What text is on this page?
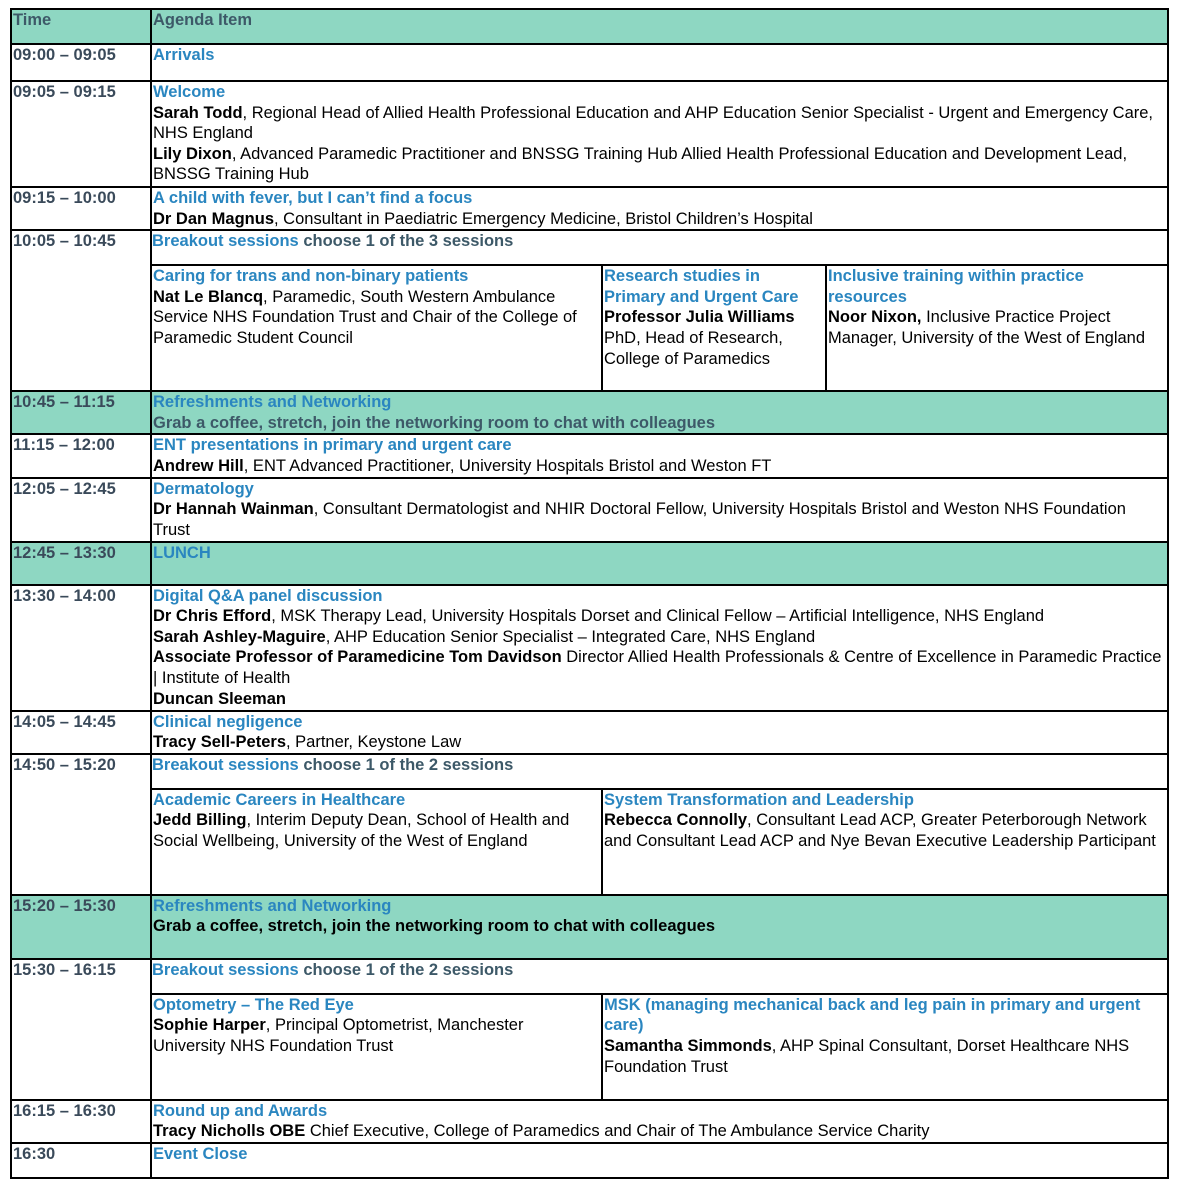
Time	Agenda Item
09:00 – 09:05	Arrivals

09:05 – 09:15	Welcome
Sarah Todd, Regional Head of Allied Health Professional Education and AHP Education Senior Specialist - Urgent and Emergency Care, NHS England
Lily Dixon, Advanced Paramedic Practitioner and BNSSG Training Hub Allied Health Professional Education and Development Lead, BNSSG Training Hub

09:15 – 10:00	A child with fever, but I can’t find a focus
Dr Dan Magnus, Consultant in Paediatric Emergency Medicine, Bristol Children’s Hospital

10:05 – 10:45	Breakout sessions choose 1 of the 3 sessions
Caring for trans and non-binary patients
Nat Le Blancq, Paramedic, South Western Ambulance Service NHS Foundation Trust and Chair of the College of Paramedic Student Council

Research studies in Primary and Urgent Care
Professor Julia Williams
PhD, Head of Research, College of Paramedics

Inclusive training within practice resources
Noor Nixon, Inclusive Practice Project Manager, University of the West of England

10:45 – 11:15	Refreshments and Networking
Grab a coffee, stretch, join the networking room to chat with colleagues

11:15 – 12:00	ENT presentations in primary and urgent care
Andrew Hill, ENT Advanced Practitioner, University Hospitals Bristol and Weston FT

12:05 – 12:45	Dermatology
Dr Hannah Wainman, Consultant Dermatologist and NHIR Doctoral Fellow, University Hospitals Bristol and Weston NHS Foundation Trust

12:45 – 13:30	LUNCH

13:30 – 14:00	Digital Q&A panel discussion
Dr Chris Efford, MSK Therapy Lead, University Hospitals Dorset and Clinical Fellow – Artificial Intelligence, NHS England
Sarah Ashley-Maguire, AHP Education Senior Specialist – Integrated Care, NHS England
Associate Professor of Paramedicine Tom Davidson Director Allied Health Professionals & Centre of Excellence in Paramedic Practice | Institute of Health
Duncan Sleeman

14:05 – 14:45	Clinical negligence
Tracy Sell-Peters, Partner, Keystone Law

14:50 – 15:20	Breakout sessions choose 1 of the 2 sessions
Academic Careers in Healthcare
Jedd Billing, Interim Deputy Dean, School of Health and Social Wellbeing, University of the West of England

System Transformation and Leadership
Rebecca Connolly, Consultant Lead ACP, Greater Peterborough Network and Consultant Lead ACP and Nye Bevan Executive Leadership Participant

15:20 – 15:30	Refreshments and Networking
Grab a coffee, stretch, join the networking room to chat with colleagues

15:30 – 16:15	Breakout sessions choose 1 of the 2 sessions
Optometry – The Red Eye
Sophie Harper, Principal Optometrist, Manchester University NHS Foundation Trust

MSK (managing mechanical back and leg pain in primary and urgent care)
Samantha Simmonds, AHP Spinal Consultant, Dorset Healthcare NHS Foundation Trust

16:15 – 16:30	Round up and Awards
Tracy Nicholls OBE Chief Executive, College of Paramedics and Chair of The Ambulance Service Charity

16:30	Event Close
